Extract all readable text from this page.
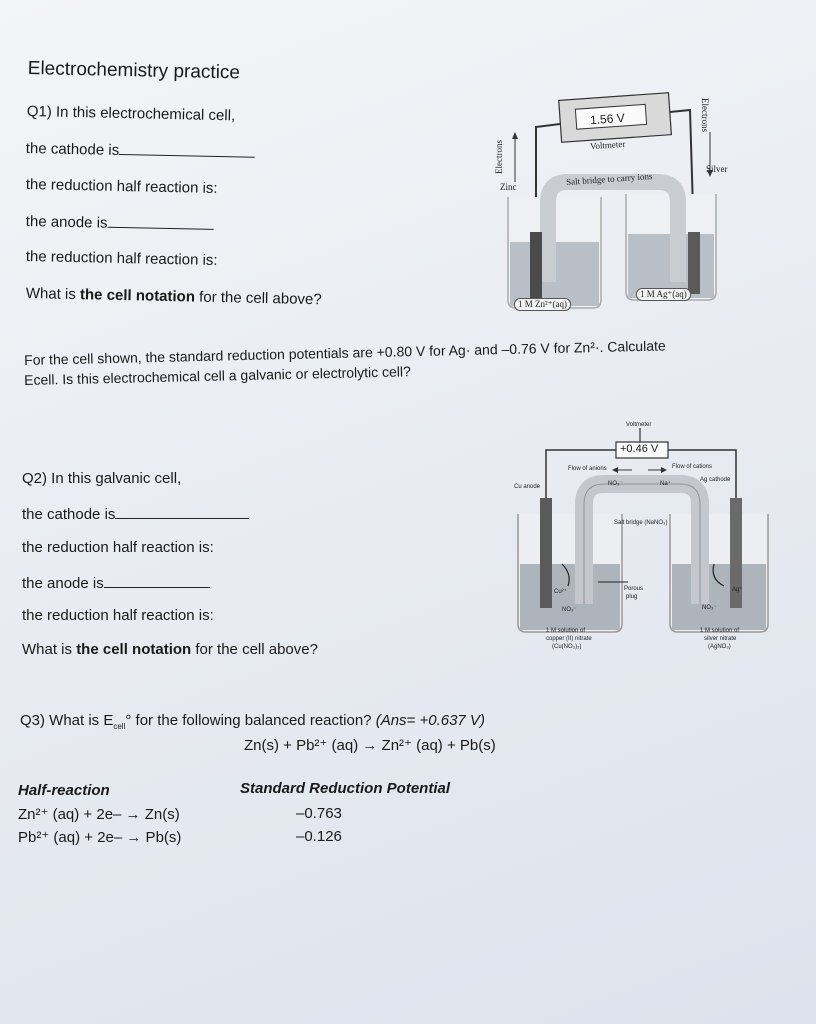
Electrochemistry practice
Q1) In this electrochemical cell,
the cathode is
the reduction half reaction is:
the anode is
the reduction half reaction is:
What is the cell notation for the cell above?
1.56 V
Voltmeter
Electrons
Electrons
Salt bridge to carry ions
Zinc
Silver
1 M Zn²⁺(aq)
1 M Ag⁺(aq)
For the cell shown, the standard reduction potentials are +0.80 V for Ag· and –0.76 V for Zn²·. Calculate
Ecell. Is this electrochemical cell a galvanic or electrolytic cell?
Q2) In this galvanic cell,
the cathode is
the reduction half reaction is:
the anode is
the reduction half reaction is:
What is the cell notation for the cell above?
Voltmeter
+0.46 V
Flow of anions	Flow of cations
Cu anode
Ag cathode
NO₃⁻	Na⁺
Salt bridge (NaNO₃)
Cu²⁺
NO₃⁻
Porous
plug
Ag⁺
NO₃⁻
1 M solution of
copper (II) nitrate
(Cu(NO₃)₂)
1 M solution of
silver nitrate
(AgNO₃)
Q3) What is $E_{cell}^\circ$ for the following balanced reaction? (Ans= +0.637 V)
Zn(s) + Pb²⁺ (aq) → Zn²⁺ (aq) + Pb(s)
Half-reaction	Standard Reduction Potential
Zn²⁺ (aq) + 2e– → Zn(s)	–0.763
Pb²⁺ (aq) + 2e– → Pb(s)	–0.126
